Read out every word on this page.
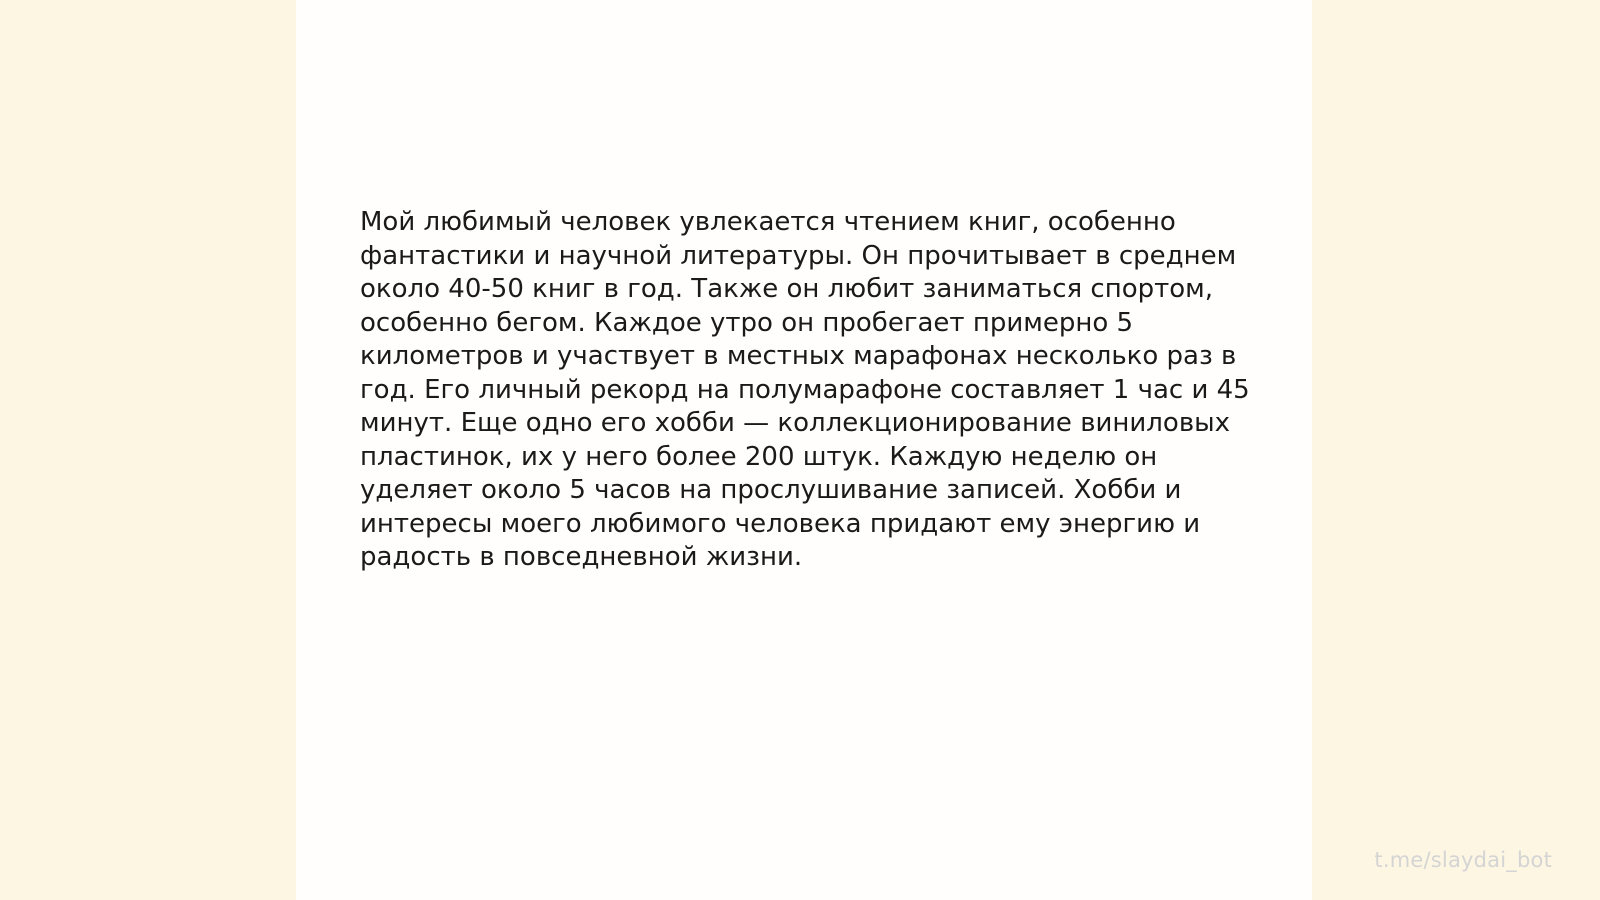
Мой любимый человек увлекается чтением книг, особенно
фантастики и научной литературы. Он прочитывает в среднем
около 40-50 книг в год. Также он любит заниматься спортом,
особенно бегом. Каждое утро он пробегает примерно 5
километров и участвует в местных марафонах несколько раз в
год. Его личный рекорд на полумарафоне составляет 1 час и 45
минут. Еще одно его хобби — коллекционирование виниловых
пластинок, их у него более 200 штук. Каждую неделю он
уделяет около 5 часов на прослушивание записей. Хобби и
интересы моего любимого человека придают ему энергию и
радость в повседневной жизни.

t.me/slaydai_bot
